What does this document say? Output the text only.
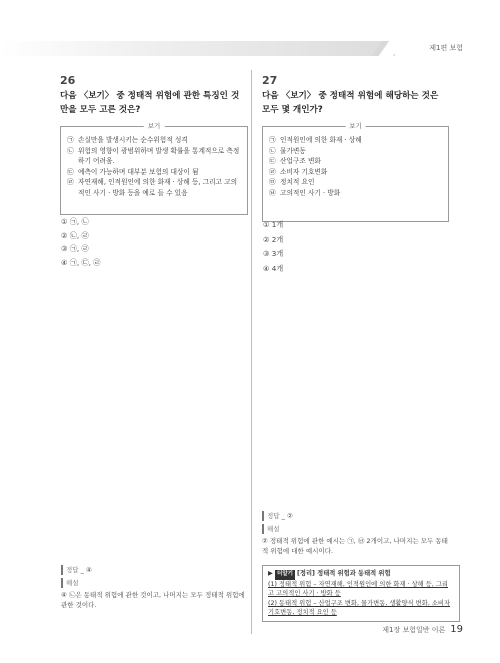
제1편 보험
26
다음 〈보기〉 중 정태적 위험에 관한 특징인 것만을 모두 고른 것은?
보기
㉠ 손실만을 발생시키는 순수위험적 성격
㉡ 위험의 영향이 광범위하며 발생 확률을 통계적으로 측정하기 어려움.
㉢ 예측이 가능하며 대부분 보험의 대상이 됨
㉣ 자연재해, 인적원인에 의한 화재 · 상해 등, 그리고 고의적인 사기 · 방화 등을 예로 들 수 있음
① ㉠, ㉡
② ㉡, ㉣
③ ㉠, ㉣
④ ㉠, ㉢, ㉣
정답 _ ④
해설
④ ㉡은 동태적 위험에 관한 것이고, 나머지는 모두 정태적 위험에 관한 것이다.
27
다음 〈보기〉 중 정태적 위험에 해당하는 것은 모두 몇 개인가?
보기
㉠ 인적원인에 의한 화재 · 상해
㉡ 물가변동
㉢ 산업구조 변화
㉣ 소비자 기호변화
㉤ 정치적 요인
㉥ 고의적인 사기 · 방화
① 1개
② 2개
③ 3개
④ 4개
정답 _ ②
해설
② 정태적 위험에 관한 예시는 ㉠, ㉥ 2개이고, 나머지는 모두 동태적 위험에 대한 예시이다.
▶ 더알기 [정리] 정태적 위험과 동태적 위험
(1) 정태적 위험 – 자연재해, 인적원인에 의한 화재 · 상해 등, 그리고 고의적인 사기 · 방화 등
(2) 동태적 위험 – 산업구조 변화, 물가변동, 생활양식 변화, 소비자 기호변동, 정치적 요인 등
제1장 보험일반 이론 19
